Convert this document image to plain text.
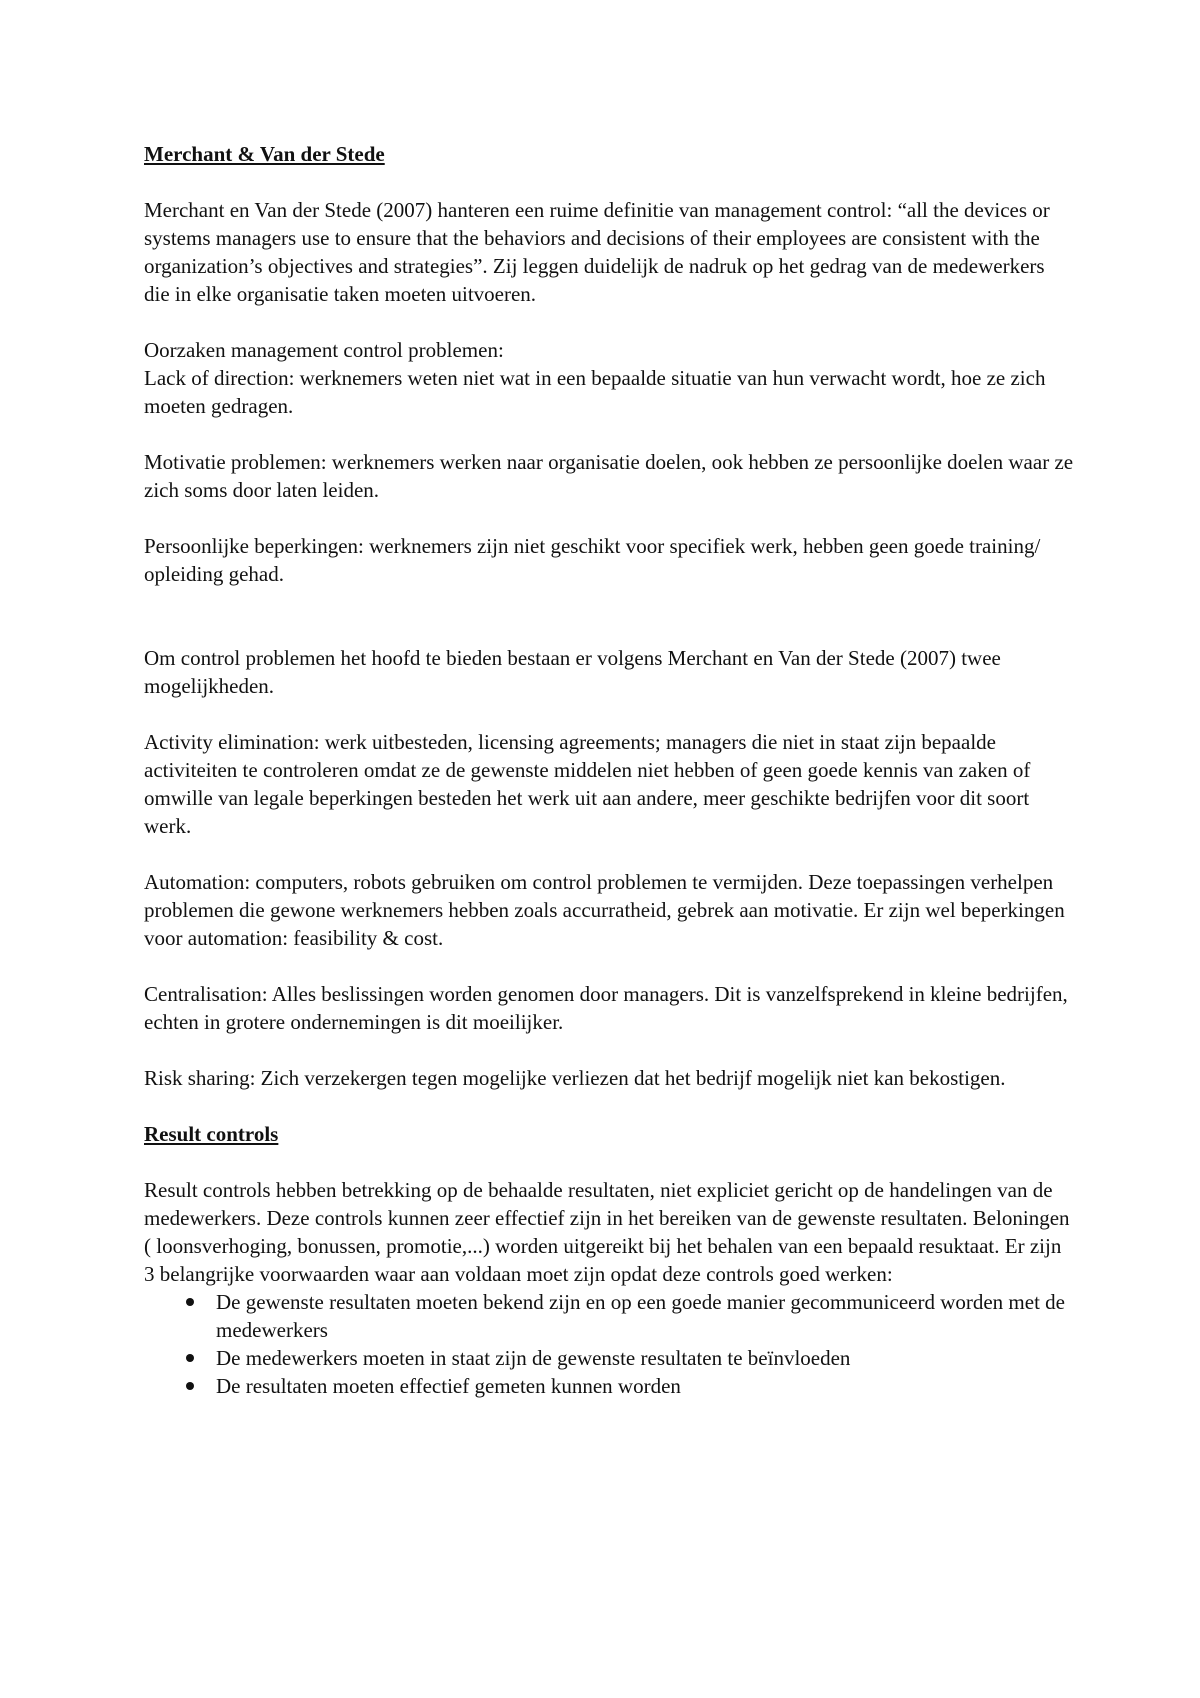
Merchant & Van der Stede

Merchant en Van der Stede (2007) hanteren een ruime definitie van management control: “all the devices or systems managers use to ensure that the behaviors and decisions of their employees are consistent with the organization’s objectives and strategies”. Zij leggen duidelijk de nadruk op het gedrag van de medewerkers die in elke organisatie taken moeten uitvoeren.

Oorzaken management control problemen:
Lack of direction: werknemers weten niet wat in een bepaalde situatie van hun verwacht wordt, hoe ze zich moeten gedragen.

Motivatie problemen: werknemers werken naar organisatie doelen, ook hebben ze persoonlijke doelen waar ze zich soms door laten leiden.

Persoonlijke beperkingen: werknemers zijn niet geschikt voor specifiek werk, hebben geen goede training/ opleiding gehad.

Om control problemen het hoofd te bieden bestaan er volgens Merchant en Van der Stede (2007) twee mogelijkheden.

Activity elimination: werk uitbesteden, licensing agreements; managers die niet in staat zijn bepaalde activiteiten te controleren omdat ze de gewenste middelen niet hebben of geen goede kennis van zaken of omwille van legale beperkingen besteden het werk uit aan andere, meer geschikte bedrijfen voor dit soort werk.

Automation: computers, robots gebruiken om control problemen te vermijden. Deze toepassingen verhelpen problemen die gewone werknemers hebben zoals accurratheid, gebrek aan motivatie. Er zijn wel beperkingen voor automation: feasibility & cost.

Centralisation: Alles beslissingen worden genomen door managers. Dit is vanzelfsprekend in kleine bedrijfen, echten in grotere ondernemingen is dit moeilijker.

Risk sharing: Zich verzekergen tegen mogelijke verliezen dat het bedrijf mogelijk niet kan bekostigen.

Result controls

Result controls hebben betrekking op de behaalde resultaten, niet expliciet gericht op de handelingen van de medewerkers. Deze controls kunnen zeer effectief zijn in het bereiken van de gewenste resultaten. Beloningen ( loonsverhoging, bonussen, promotie,...) worden uitgereikt bij het behalen van een bepaald resuktaat. Er zijn 3 belangrijke voorwaarden waar aan voldaan moet zijn opdat deze controls goed werken:

De gewenste resultaten moeten bekend zijn en op een goede manier gecommuniceerd worden met de medewerkers
De medewerkers moeten in staat zijn de gewenste resultaten te beïnvloeden
De resultaten moeten effectief gemeten kunnen worden
